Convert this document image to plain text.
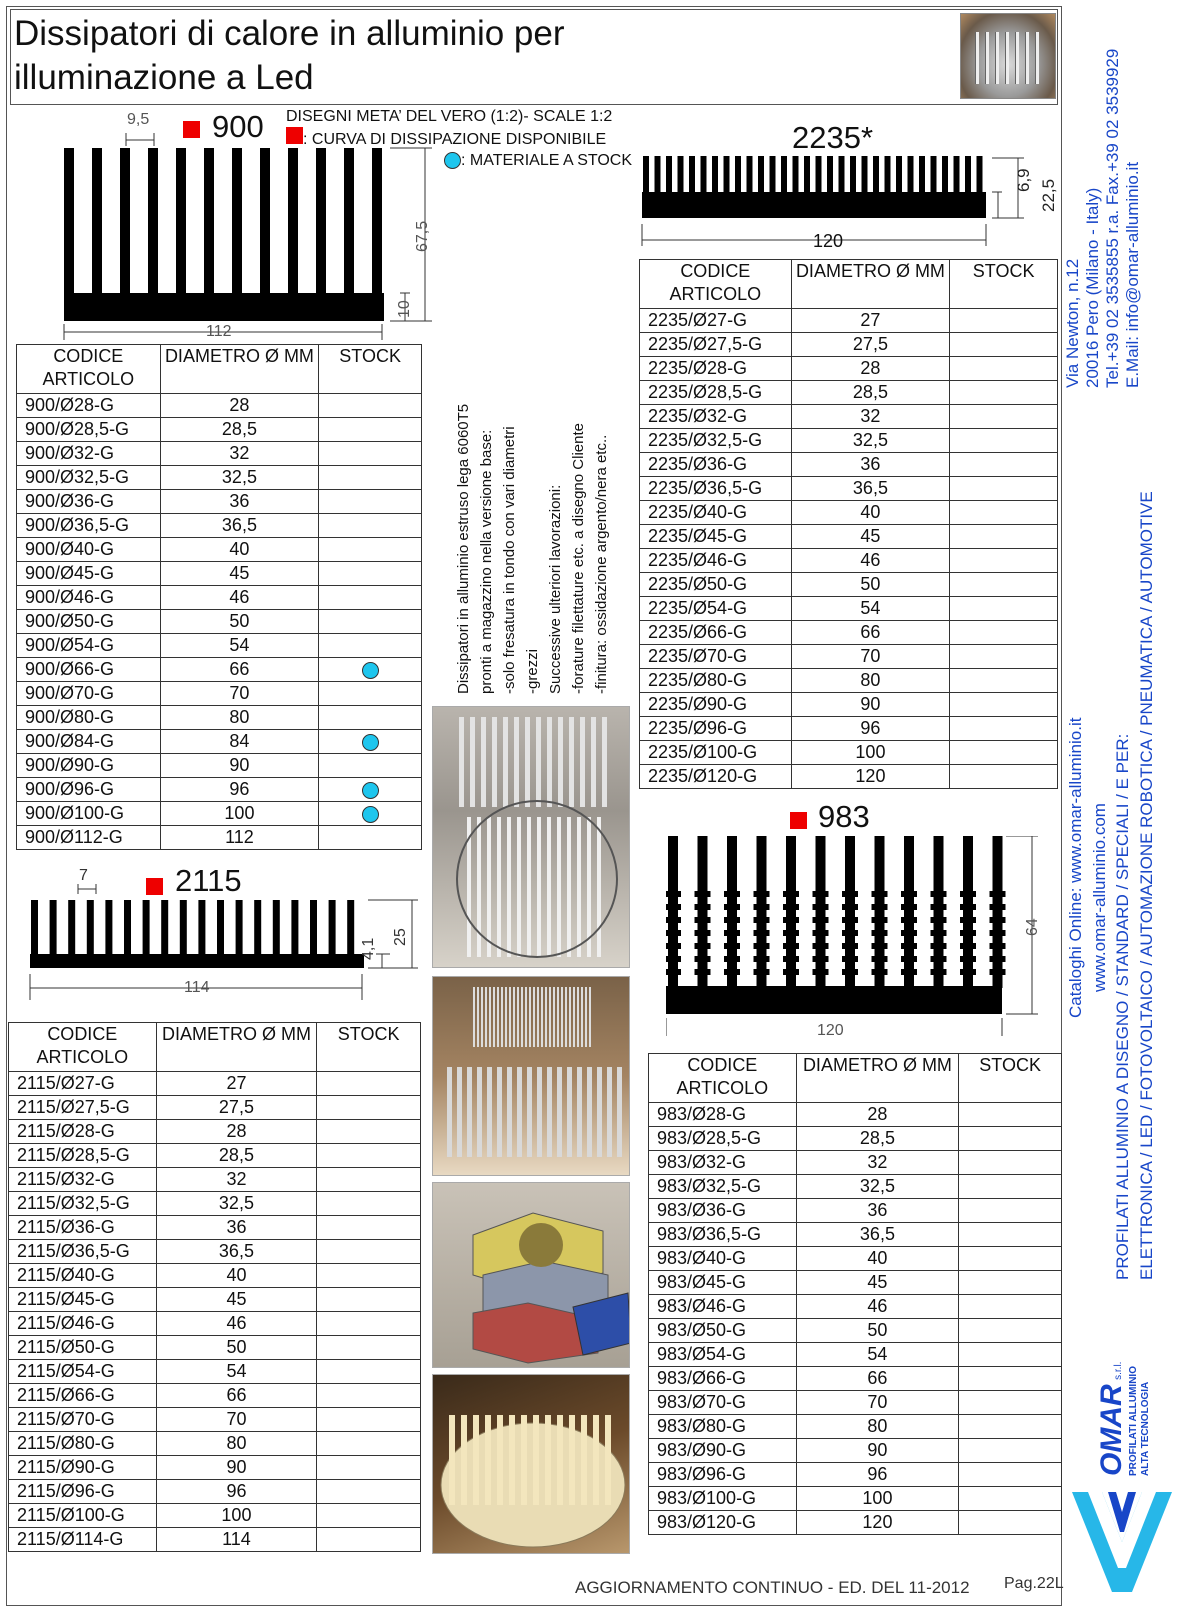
Dissipatori di calore in alluminio per
illuminazione a Led
DISEGNI META’ DEL VERO (1:2)- SCALE 1:2
: CURVA DI DISSIPAZIONE DISPONIBILE
: MATERIALE A STOCK
900
9,5
67,5
10
112
CODICE ARTICOLO	DIAMETRO Ø MM	STOCK
900/Ø28-G	28	
900/Ø28,5-G	28,5	
900/Ø32-G	32	
900/Ø32,5-G	32,5	
900/Ø36-G	36	
900/Ø36,5-G	36,5	
900/Ø40-G	40	
900/Ø45-G	45	
900/Ø46-G	46	
900/Ø50-G	50	
900/Ø54-G	54	
900/Ø66-G	66	
900/Ø70-G	70	
900/Ø80-G	80	
900/Ø84-G	84	
900/Ø90-G	90	
900/Ø96-G	96	
900/Ø100-G	100	
900/Ø112-G	112	
2235*
6,9 22,5
120
CODICE ARTICOLO	DIAMETRO Ø MM	STOCK
2235/Ø27-G	27	
2235/Ø27,5-G	27,5	
2235/Ø28-G	28	
2235/Ø28,5-G	28,5	
2235/Ø32-G	32	
2235/Ø32,5-G	32,5	
2235/Ø36-G	36	
2235/Ø36,5-G	36,5	
2235/Ø40-G	40	
2235/Ø45-G	45	
2235/Ø46-G	46	
2235/Ø50-G	50	
2235/Ø54-G	54	
2235/Ø66-G	66	
2235/Ø70-G	70	
2235/Ø80-G	80	
2235/Ø90-G	90	
2235/Ø96-G	96	
2235/Ø100-G	100	
2235/Ø120-G	120	
Dissipatori in alluminio estruso lega 6060T5 pronti a magazzino nella versione base: -solo fresatura in tondo con vari diametri -grezzi Successive ulteriori lavorazioni: -forature filettature etc. a disegno Cliente -finitura: ossidazione argento/nera etc..
7	2115
4,1
25
114
CODICE ARTICOLO	DIAMETRO Ø MM	STOCK
2115/Ø27-G	27	
2115/Ø27,5-G	27,5	
2115/Ø28-G	28	
2115/Ø28,5-G	28,5	
2115/Ø32-G	32	
2115/Ø32,5-G	32,5	
2115/Ø36-G	36	
2115/Ø36,5-G	36,5	
2115/Ø40-G	40	
2115/Ø45-G	45	
2115/Ø46-G	46	
2115/Ø50-G	50	
2115/Ø54-G	54	
2115/Ø66-G	66	
2115/Ø70-G	70	
2115/Ø80-G	80	
2115/Ø90-G	90	
2115/Ø96-G	96	
2115/Ø100-G	100	
2115/Ø114-G	114	
983
64
120
CODICE ARTICOLO	DIAMETRO Ø MM	STOCK
983/Ø28-G	28	
983/Ø28,5-G	28,5	
983/Ø32-G	32	
983/Ø32,5-G	32,5	
983/Ø36-G	36	
983/Ø36,5-G	36,5	
983/Ø40-G	40	
983/Ø45-G	45	
983/Ø46-G	46	
983/Ø50-G	50	
983/Ø54-G	54	
983/Ø66-G	66	
983/Ø70-G	70	
983/Ø80-G	80	
983/Ø90-G	90	
983/Ø96-G	96	
983/Ø100-G	100	
983/Ø120-G	120	
Via Newton, n.12 20016 Pero (Milano - Italy) Tel.+39 02 3535855 r.a. Fax.+39 02 3539929 E.Mail: info@omar-alluminio.it
PROFILATI ALLUMINIO A DISEGNO / STANDARD / SPECIALI / E PER: ELETTRONICA / LED / FOTOVOLTAICO / AUTOMAZIONE ROBOTICA / PNEUMATICA / AUTOMOTIVE
Cataloghi Online: www.omar-alluminio.it www.omar-alluminio.com
OMAR s.r.l. PROFILATI ALLUMINIO ALTA TECNOLOGIA
AGGIORNAMENTO CONTINUO - ED. DEL 11-2012 Pag.22L
